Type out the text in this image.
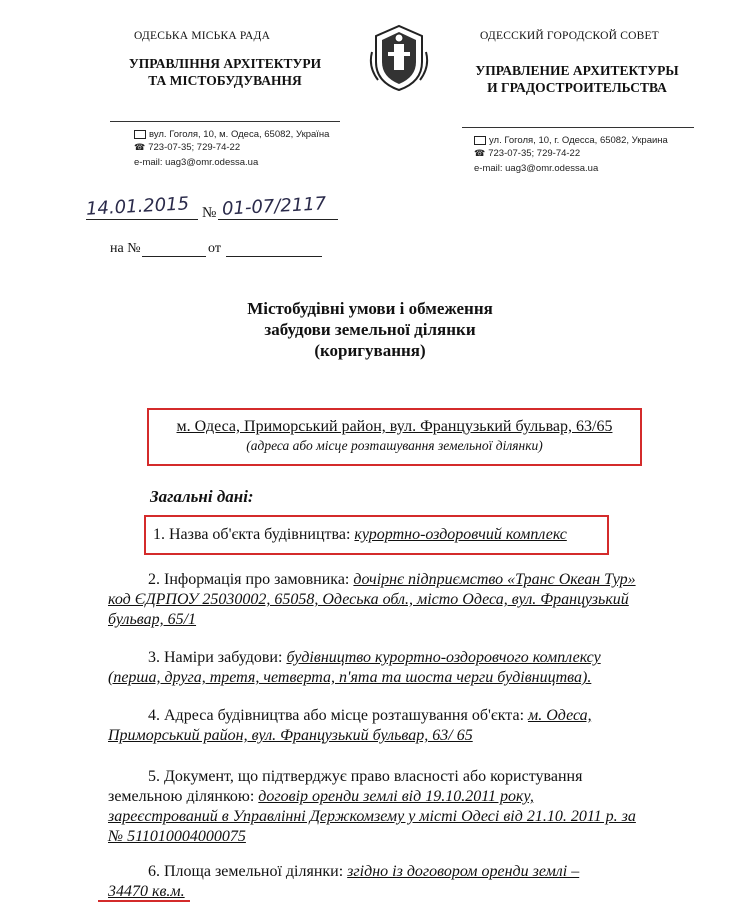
ОДЕСЬКА МІСЬКА РАДА
УПРАВЛІННЯ АРХІТЕКТУРИ
ТА МІСТОБУДУВАННЯ
ОДЕССКИЙ ГОРОДСКОЙ СОВЕТ
УПРАВЛЕНИЕ АРХИТЕКТУРЫ
И ГРАДОСТРОИТЕЛЬСТВА
вул. Гоголя, 10, м. Одеса, 65082, Україна
☎ 723-07-35; 729-74-22
e-mail: uag3@omr.odessa.ua
ул. Гоголя, 10, г. Одесса, 65082, Украина
☎ 723-07-35; 729-74-22
e-mail: uag3@omr.odessa.ua
14.01.2015 № 01-07/2117
на №	от
Містобудівні умови і обмеження
забудови земельної ділянки
(коригування)
м. Одеса, Приморський район, вул. Французький бульвар, 63/65
(адреса або місце розташування земельної ділянки)
Загальні дані:
1. Назва об'єкта будівництва: курортно-оздоровчий комплекс
2. Інформація про замовника: дочірнє підприємство «Транс Океан Тур»
код ЄДРПОУ 25030002, 65058, Одеська обл., місто Одеса, вул. Французький
бульвар, 65/1
3. Наміри забудови: будівництво курортно-оздоровчого комплексу
(перша, друга, третя, четверта, п'ята та шоста черги будівництва).
4. Адреса будівництва або місце розташування об'єкта: м. Одеса,
Приморський район, вул. Французький бульвар, 63/ 65
5. Документ, що підтверджує право власності або користування
земельною ділянкою: договір оренди землі від 19.10.2011 року,
зареєстрований в Управлінні Держкомзему у місті Одесі від 21.10. 2011 р. за
№ 511010004000075
6. Площа земельної ділянки: згідно із договором оренди землі –
34470 кв.м.
